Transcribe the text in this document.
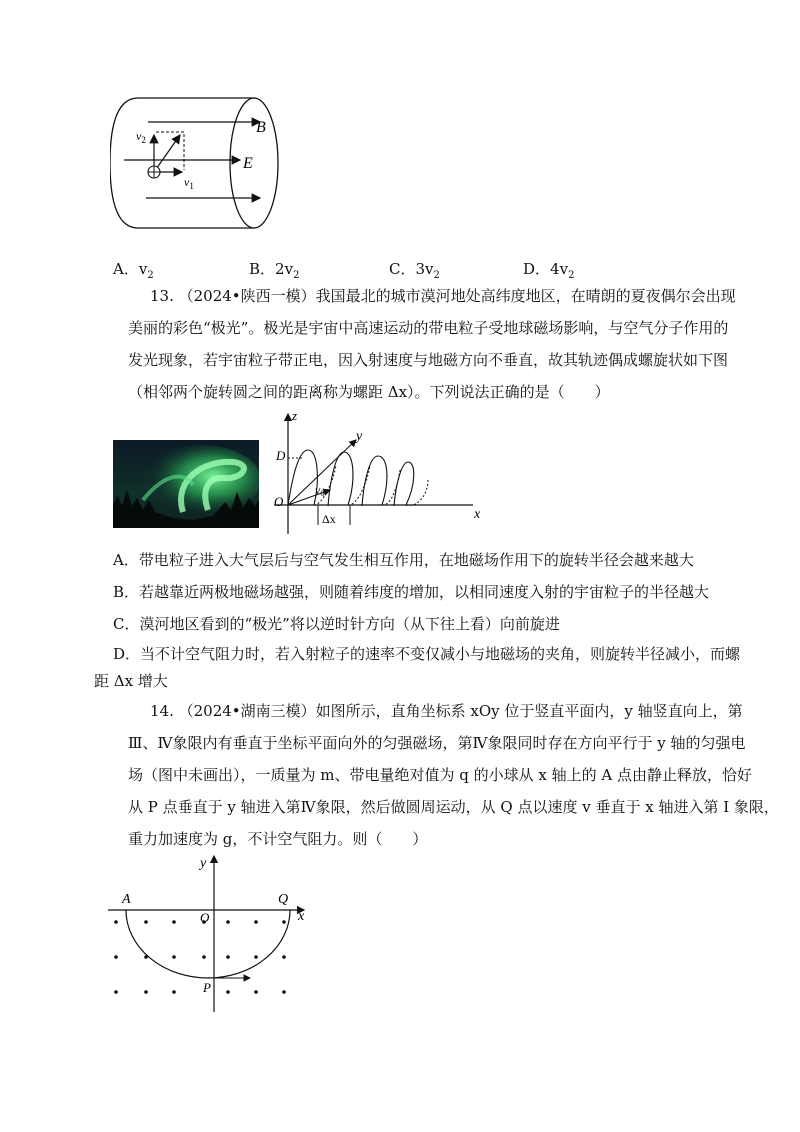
B
E
$v_2$
$v_1$
A．$v_2$	B．$2v_2$	C．$3v_2$	D．$4v_2$
13. （2024•陕西一模）我国最北的城市漠河地处高纬度地区，在晴朗的夏夜偶尔会出现
美丽的彩色“极光”。极光是宇宙中高速运动的带电粒子受地球磁场影响，与空气分子作用的
发光现象，若宇宙粒子带正电，因入射速度与地磁方向不垂直，故其轨迹偶成螺旋状如下图
（相邻两个旋转圆之间的距离称为螺距 Δx）。下列说法正确的是（　　）
z
y
x
D
O
v0
Δx
A．带电粒子进入大气层后与空气发生相互作用，在地磁场作用下的旋转半径会越来越大
B．若越靠近两极地磁场越强，则随着纬度的增加，以相同速度入射的宇宙粒子的半径越大
C．漠河地区看到的“极光”将以逆时针方向（从下往上看）向前旋进
D．当不计空气阻力时，若入射粒子的速率不变仅减小与地磁场的夹角，则旋转半径减小，而螺
距 Δx 增大
14. （2024•湖南三模）如图所示，直角坐标系 xOy 位于竖直平面内，y 轴竖直向上，第
Ⅲ、Ⅳ象限内有垂直于坐标平面向外的匀强磁场，第Ⅳ象限同时存在方向平行于 y 轴的匀强电
场（图中未画出），一质量为 m、带电量绝对值为 q 的小球从 x 轴上的 A 点由静止释放，恰好
从 P 点垂直于 y 轴进入第Ⅳ象限，然后做圆周运动，从 Q 点以速度 v 垂直于 x 轴进入第 I 象限，
重力加速度为 g，不计空气阻力。则（　　）
y
x
A	Q
O
P
